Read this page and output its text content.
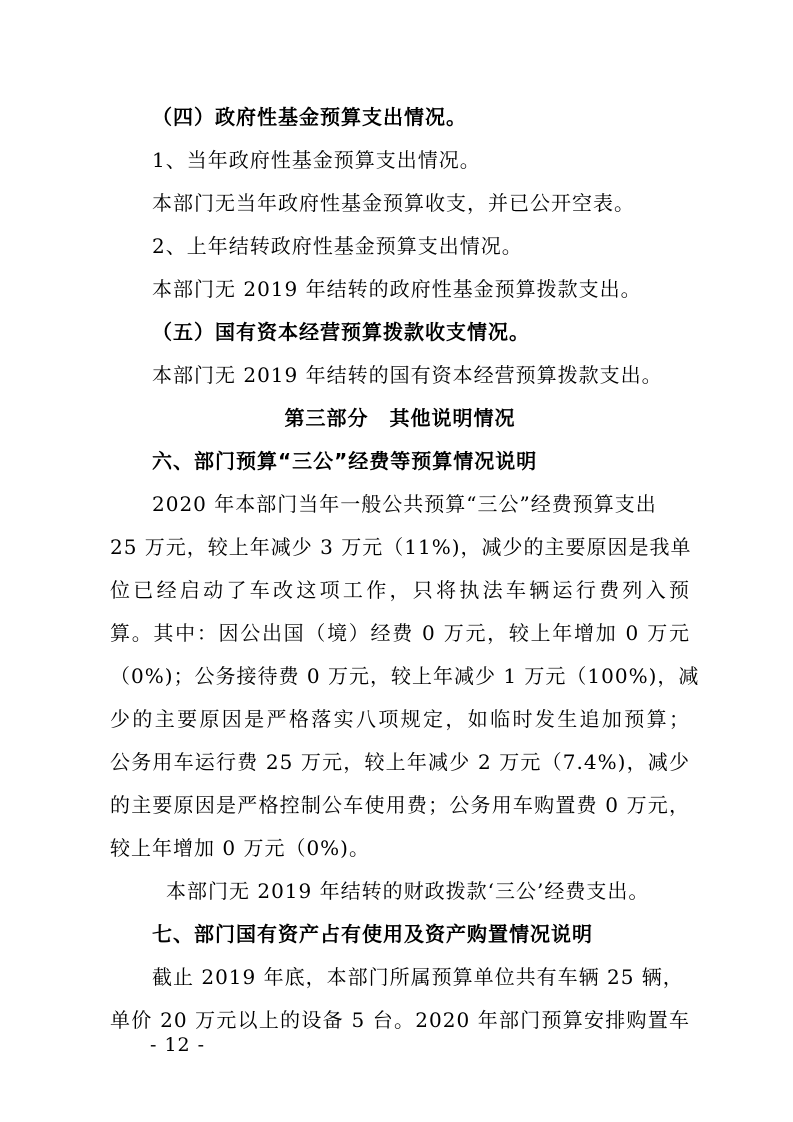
（四）政府性基金预算支出情况。
1、当年政府性基金预算支出情况。
本部门无当年政府性基金预算收支，并已公开空表。
2、上年结转政府性基金预算支出情况。
本部门无 2019 年结转的政府性基金预算拨款支出。
（五）国有资本经营预算拨款收支情况。
本部门无 2019 年结转的国有资本经营预算拨款支出。
第三部分　其他说明情况
六、部门预算“三公”经费等预算情况说明
2020 年本部门当年一般公共预算“三公”经费预算支出
25 万元，较上年减少 3 万元（11%)，减少的主要原因是我单
位已经启动了车改这项工作，只将执法车辆运行费列入预
算。其中：因公出国（境）经费 0 万元，较上年增加 0 万元
（0%)；公务接待费 0 万元，较上年减少 1 万元（100%)，减
少的主要原因是严格落实八项规定，如临时发生追加预算；
公务用车运行费 25 万元，较上年减少 2 万元（7.4%)，减少
的主要原因是严格控制公车使用费；公务用车购置费 0 万元，
较上年增加 0 万元（0%)。
本部门无 2019 年结转的财政拨款‘三公’经费支出。
七、部门国有资产占有使用及资产购置情况说明
截止 2019 年底，本部门所属预算单位共有车辆 25 辆，
单价 20 万元以上的设备 5 台。2020 年部门预算安排购置车
- 12 -
